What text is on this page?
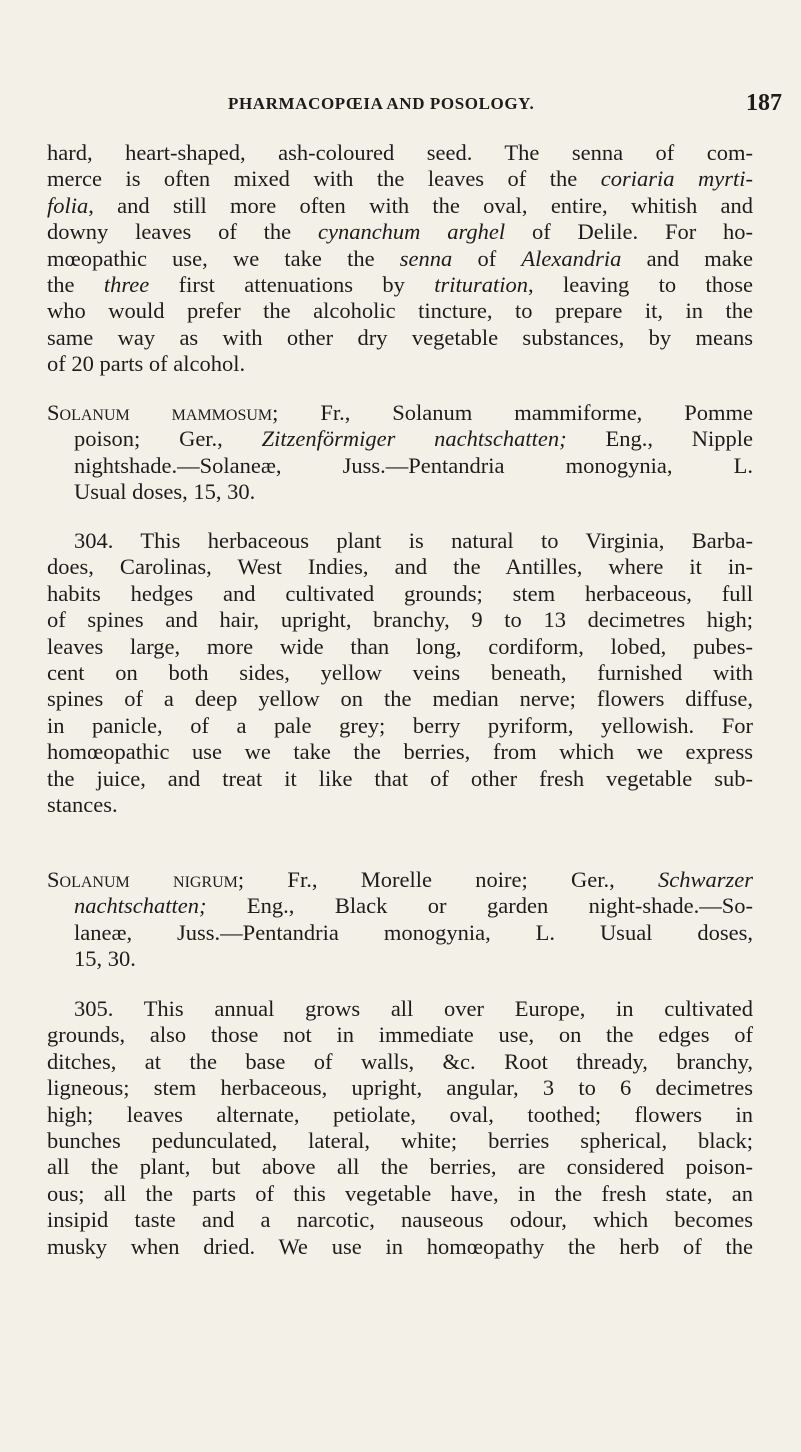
PHARMACOPŒIA AND POSOLOGY.	187
hard, heart-shaped, ash-coloured seed. The senna of com-
merce is often mixed with the leaves of the coriaria myrti-
folia, and still more often with the oval, entire, whitish and
downy leaves of the cynanchum arghel of Delile. For ho-
mœopathic use, we take the senna of Alexandria and make
the three first attenuations by trituration, leaving to those
who would prefer the alcoholic tincture, to prepare it, in the
same way as with other dry vegetable substances, by means
of 20 parts of alcohol.
Solanum mammosum; Fr., Solanum mammiforme, Pomme
poison; Ger., Zitzenförmiger nachtschatten; Eng., Nipple
nightshade.—Solaneæ, Juss.—Pentandria monogynia, L.
Usual doses, 15, 30.
304. This herbaceous plant is natural to Virginia, Barba-
does, Carolinas, West Indies, and the Antilles, where it in-
habits hedges and cultivated grounds; stem herbaceous, full
of spines and hair, upright, branchy, 9 to 13 decimetres high;
leaves large, more wide than long, cordiform, lobed, pubes-
cent on both sides, yellow veins beneath, furnished with
spines of a deep yellow on the median nerve; flowers diffuse,
in panicle, of a pale grey; berry pyriform, yellowish. For
homœopathic use we take the berries, from which we express
the juice, and treat it like that of other fresh vegetable sub-
stances.
Solanum nigrum; Fr., Morelle noire; Ger., Schwarzer
nachtschatten; Eng., Black or garden night-shade.—So-
laneæ, Juss.—Pentandria monogynia, L. Usual doses,
15, 30.
305. This annual grows all over Europe, in cultivated
grounds, also those not in immediate use, on the edges of
ditches, at the base of walls, &c. Root thready, branchy,
ligneous; stem herbaceous, upright, angular, 3 to 6 decimetres
high; leaves alternate, petiolate, oval, toothed; flowers in
bunches pedunculated, lateral, white; berries spherical, black;
all the plant, but above all the berries, are considered poison-
ous; all the parts of this vegetable have, in the fresh state, an
insipid taste and a narcotic, nauseous odour, which becomes
musky when dried. We use in homœopathy the herb of the
